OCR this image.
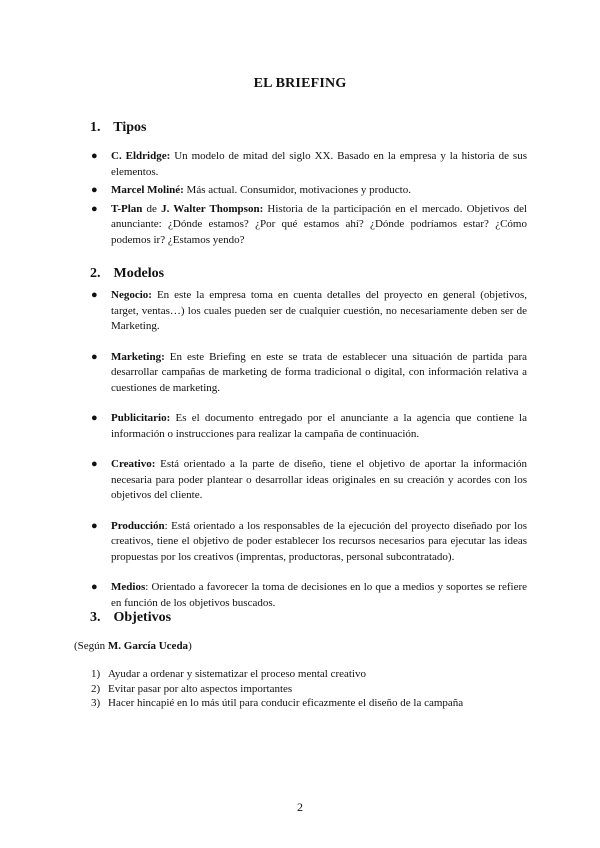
EL BRIEFING
1. Tipos
● C. Eldridge: Un modelo de mitad del siglo XX. Basado en la empresa y la historia de sus elementos.
● Marcel Moliné: Más actual. Consumidor, motivaciones y producto.
● T-Plan de J. Walter Thompson: Historia de la participación en el mercado. Objetivos del anunciante: ¿Dónde estamos? ¿Por qué estamos ahí? ¿Dónde podríamos estar? ¿Cómo podemos ir? ¿Estamos yendo?
2. Modelos
● Negocio: En este la empresa toma en cuenta detalles del proyecto en general (objetivos, target, ventas…) los cuales pueden ser de cualquier cuestión, no necesariamente deben ser de Marketing.
● Marketing: En este Briefing en este se trata de establecer una situación de partida para desarrollar campañas de marketing de forma tradicional o digital, con información relativa a cuestiones de marketing.
● Publicitario: Es el documento entregado por el anunciante a la agencia que contiene la información o instrucciones para realizar la campaña de continuación.
● Creativo: Está orientado a la parte de diseño, tiene el objetivo de aportar la información necesaria para poder plantear o desarrollar ideas originales en su creación y acordes con los objetivos del cliente.
● Producción: Está orientado a los responsables de la ejecución del proyecto diseñado por los creativos, tiene el objetivo de poder establecer los recursos necesarios para ejecutar las ideas propuestas por los creativos (imprentas, productoras, personal subcontratado).
● Medios: Orientado a favorecer la toma de decisiones en lo que a medios y soportes se refiere en función de los objetivos buscados.
3. Objetivos
(Según M. García Uceda)
1) Ayudar a ordenar y sistematizar el proceso mental creativo
2) Evitar pasar por alto aspectos importantes
3) Hacer hincapié en lo más útil para conducir eficazmente el diseño de la campaña
2
